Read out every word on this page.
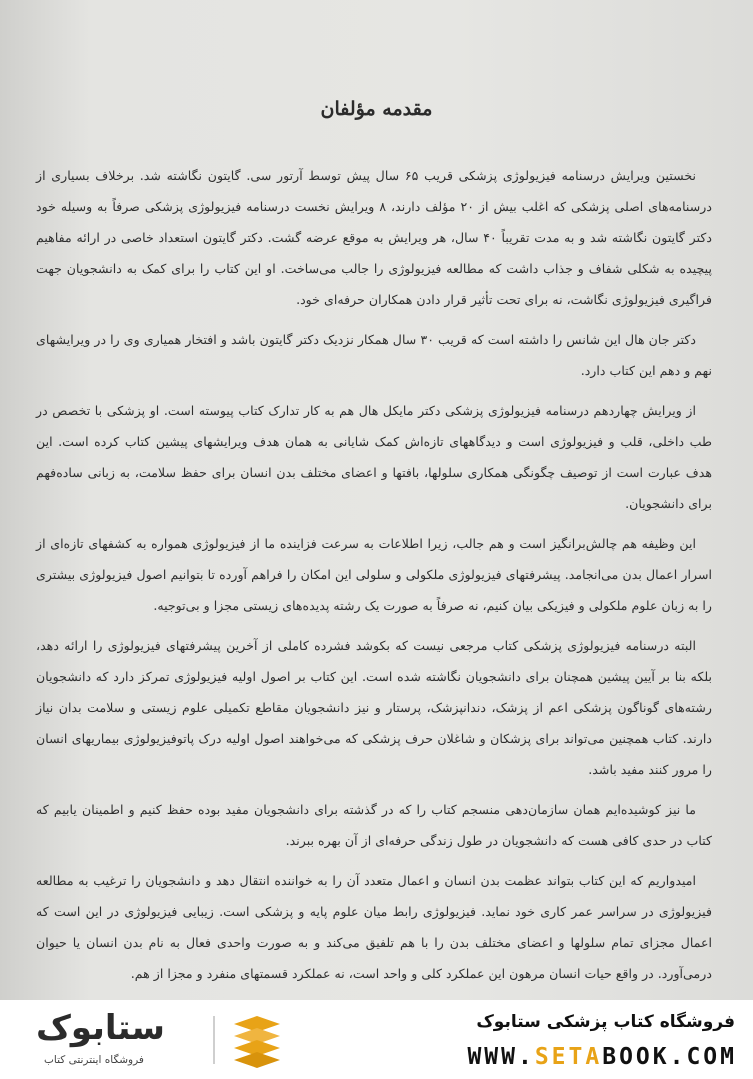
مقدمه مؤلفان

نخستین ویرایش درسنامه فیزیولوژی پزشکی قریب ۶۵ سال پیش توسط آرتور سی. گایتون نگاشته شد. برخلاف بسیاری از درسنامه‌های اصلی پزشکی که اغلب بیش از ۲۰ مؤلف دارند، ۸ ویرایش نخست درسنامه فیزیولوژی پزشکی صرفاً به وسیله خود دکتر گایتون نگاشته شد و به مدت تقریباً ۴۰ سال، هر ویرایش به موقع عرضه گشت. دکتر گایتون استعداد خاصی در ارائه مفاهیم پیچیده به شکلی شفاف و جذاب داشت که مطالعه فیزیولوژی را جالب می‌ساخت. او این کتاب را برای کمک به دانشجویان جهت فراگیری فیزیولوژی نگاشت، نه برای تحت تأثیر قرار دادن همکاران حرفه‌ای خود.

دکتر جان هال این شانس را داشته است که قریب ۳۰ سال همکار نزدیک دکتر گایتون باشد و افتخار همیاری وی را در ویرایشهای نهم و دهم این کتاب دارد.

از ویرایش چهاردهم درسنامه فیزیولوژی پزشکی دکتر مایکل هال هم به کار تدارک کتاب پیوسته است. او پزشکی با تخصص در طب داخلی، قلب و فیزیولوژی است و دیدگاههای تازه‌اش کمک شایانی به همان هدف ویرایشهای پیشین کتاب کرده است. این هدف عبارت است از توصیف چگونگی همکاری سلولها، بافتها و اعضای مختلف بدن انسان برای حفظ سلامت، به زبانی ساده‌فهم برای دانشجویان.

این وظیفه هم چالش‌برانگیز است و هم جالب، زیرا اطلاعات به سرعت فزاینده ما از فیزیولوژی همواره به کشفهای تازه‌ای از اسرار اعمال بدن می‌انجامد. پیشرفتهای فیزیولوژی ملکولی و سلولی این امکان را فراهم آورده تا بتوانیم اصول فیزیولوژی بیشتری را به زبان علوم ملکولی و فیزیکی بیان کنیم، نه صرفاً به صورت یک رشته پدیده‌های زیستی مجزا و بی‌توجیه.

البته درسنامه فیزیولوژی پزشکی کتاب مرجعی نیست که بکوشد فشرده کاملی از آخرین پیشرفتهای فیزیولوژی را ارائه دهد، بلکه بنا بر آیین پیشین همچنان برای دانشجویان نگاشته شده است. این کتاب بر اصول اولیه فیزیولوژی تمرکز دارد که دانشجویان رشته‌های گوناگون پزشکی اعم از پزشک، دندانپزشک، پرستار و نیز دانشجویان مقاطع تکمیلی علوم زیستی و سلامت بدان نیاز دارند. کتاب همچنین می‌تواند برای پزشکان و شاغلان حرف پزشکی که می‌خواهند اصول اولیه درک پاتوفیزیولوژی بیماریهای انسان را مرور کنند مفید باشد.

ما نیز کوشیده‌ایم همان سازمان‌دهی منسجم کتاب را که در گذشته برای دانشجویان مفید بوده حفظ کنیم و اطمینان یابیم که کتاب در حدی کافی هست که دانشجویان در طول زندگی حرفه‌ای از آن بهره ببرند.

امیدواریم که این کتاب بتواند عظمت بدن انسان و اعمال متعدد آن را به خواننده انتقال دهد و دانشجویان را ترغیب به مطالعه فیزیولوژی در سراسر عمر کاری خود نماید. فیزیولوژی رابط میان علوم پایه و پزشکی است. زیبایی فیزیولوژی در این است که اعمال مجزای تمام سلولها و اعضای مختلف بدن را با هم تلفیق می‌کند و به صورت واحدی فعال به نام بدن انسان یا حیوان درمی‌آورد. در واقع حیات انسان مرهون این عملکرد کلی و واحد است، نه عملکرد قسمتهای منفرد و مجزا از هم.

ستابوک
فروشگاه اینترنتی کتاب
فروشگاه کتاب پزشکی ستابوک
WWW.SETABOOK.COM
